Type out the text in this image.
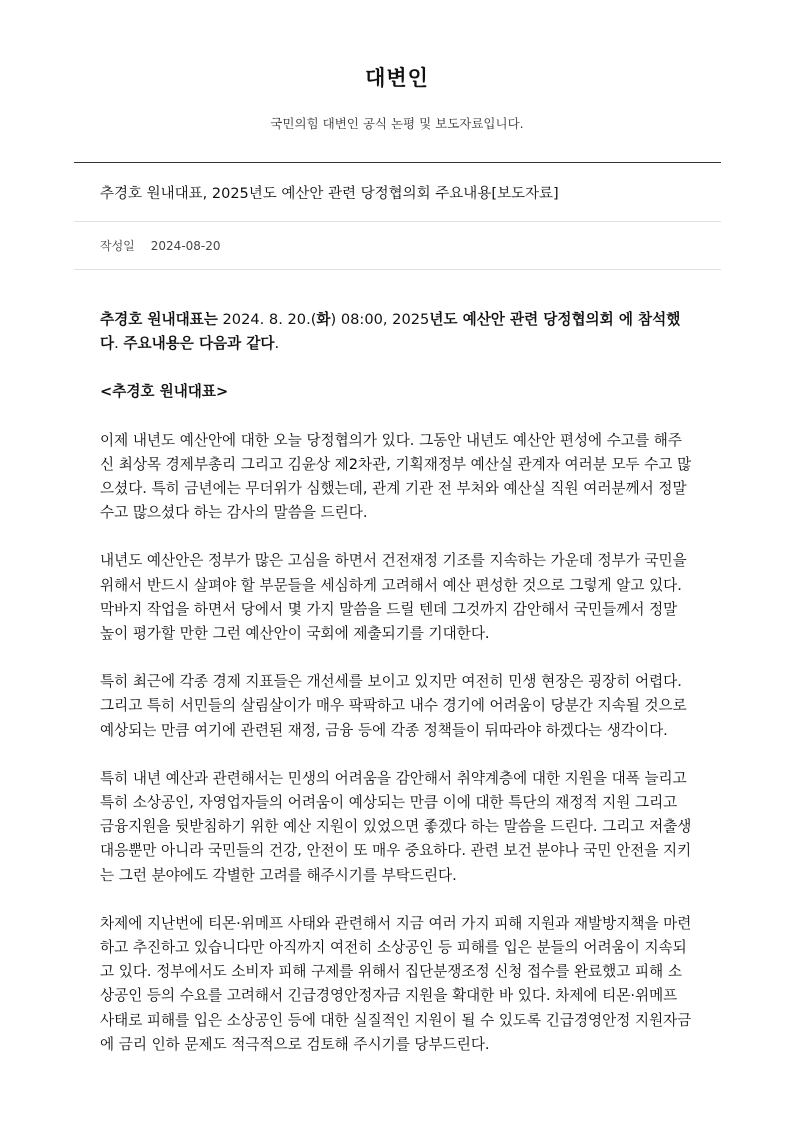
대변인
국민의힘 대변인 공식 논평 및 보도자료입니다.
추경호 원내대표, 2025년도 예산안 관련 당정협의회 주요내용[보도자료]
작성일 2024-08-20

추경호 원내대표는 2024. 8. 20.(화) 08:00, 2025년도 예산안 관련 당정협의회 에 참석했다. 주요내용은 다음과 같다.

<추경호 원내대표>

이제 내년도 예산안에 대한 오늘 당정협의가 있다. 그동안 내년도 예산안 편성에 수고를 해주신 최상목 경제부총리 그리고 김윤상 제2차관, 기획재정부 예산실 관계자 여러분 모두 수고 많으셨다. 특히 금년에는 무더위가 심했는데, 관계 기관 전 부처와 예산실 직원 여러분께서 정말 수고 많으셨다 하는 감사의 말씀을 드린다.

내년도 예산안은 정부가 많은 고심을 하면서 건전재정 기조를 지속하는 가운데 정부가 국민을 위해서 반드시 살펴야 할 부문들을 세심하게 고려해서 예산 편성한 것으로 그렇게 알고 있다. 막바지 작업을 하면서 당에서 몇 가지 말씀을 드릴 텐데 그것까지 감안해서 국민들께서 정말 높이 평가할 만한 그런 예산안이 국회에 제출되기를 기대한다.

특히 최근에 각종 경제 지표들은 개선세를 보이고 있지만 여전히 민생 현장은 굉장히 어렵다. 그리고 특히 서민들의 살림살이가 매우 팍팍하고 내수 경기에 어려움이 당분간 지속될 것으로 예상되는 만큼 여기에 관련된 재정, 금융 등에 각종 정책들이 뒤따라야 하겠다는 생각이다.

특히 내년 예산과 관련해서는 민생의 어려움을 감안해서 취약계층에 대한 지원을 대폭 늘리고 특히 소상공인, 자영업자들의 어려움이 예상되는 만큼 이에 대한 특단의 재정적 지원 그리고 금융지원을 뒷받침하기 위한 예산 지원이 있었으면 좋겠다 하는 말씀을 드린다. 그리고 저출생 대응뿐만 아니라 국민들의 건강, 안전이 또 매우 중요하다. 관련 보건 분야나 국민 안전을 지키는 그런 분야에도 각별한 고려를 해주시기를 부탁드린다.

차제에 지난번에 티몬·위메프 사태와 관련해서 지금 여러 가지 피해 지원과 재발방지책을 마련하고 추진하고 있습니다만 아직까지 여전히 소상공인 등 피해를 입은 분들의 어려움이 지속되고 있다. 정부에서도 소비자 피해 구제를 위해서 집단분쟁조정 신청 접수를 완료했고 피해 소상공인 등의 수요를 고려해서 긴급경영안정자금 지원을 확대한 바 있다. 차제에 티몬·위메프 사태로 피해를 입은 소상공인 등에 대한 실질적인 지원이 될 수 있도록 긴급경영안정 지원자금에 금리 인하 문제도 적극적으로 검토해 주시기를 당부드린다.
